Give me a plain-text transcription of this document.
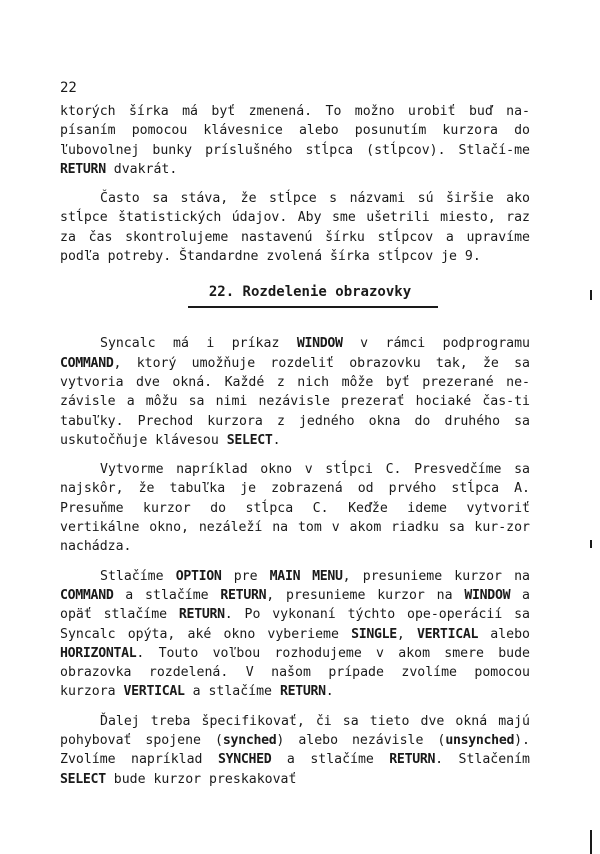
22

ktorých šírka má byť zmenená. To možno urobiť buď na-písaním pomocou klávesnice alebo posunutím kurzora do ľubovolnej bunky príslušného stĺpca (stĺpcov). Stlačí-me RETURN dvakrát.

Často sa stáva, že stĺpce s názvami sú širšie ako stĺpce štatistických údajov. Aby sme ušetrili miesto, raz za čas skontrolujeme nastavenú šírku stĺpcov a upravíme podľa potreby. Štandardne zvolená šírka stĺpcov je 9.

22. Rozdelenie obrazovky

Syncalc má i príkaz WINDOW v rámci podprogramu COMMAND, ktorý umožňuje rozdeliť obrazovku tak, že sa vytvoria dve okná. Každé z nich môže byť prezerané ne-závisle a môžu sa nimi nezávisle prezerať hociaké čas-ti tabuľky. Prechod kurzora z jedného okna do druhého sa uskutočňuje klávesou SELECT.

Vytvorme napríklad okno v stĺpci C. Presvedčíme sa najskôr, že tabuľka je zobrazená od prvého stĺpca A. Presuňme kurzor do stĺpca C. Keďže ideme vytvoriť vertikálne okno, nezáleží na tom v akom riadku sa kur-zor nachádza.

Stlačíme OPTION pre MAIN MENU, presunieme kurzor na COMMAND a stlačíme RETURN, presunieme kurzor na WINDOW a opäť stlačíme RETURN. Po vykonaní týchto ope-operácií sa Syncalc opýta, aké okno vyberieme SINGLE, VERTICAL alebo HORIZONTAL. Touto voľbou rozhodujeme v akom smere bude obrazovka rozdelená. V našom prípade zvolíme pomocou kurzora VERTICAL a stlačíme RETURN.

Ďalej treba špecifikovať, či sa tieto dve okná majú pohybovať spojene (synched) alebo nezávisle (unsynched). Zvolíme napríklad SYNCHED a stlačíme RETURN. Stlačením SELECT bude kurzor preskakovať
